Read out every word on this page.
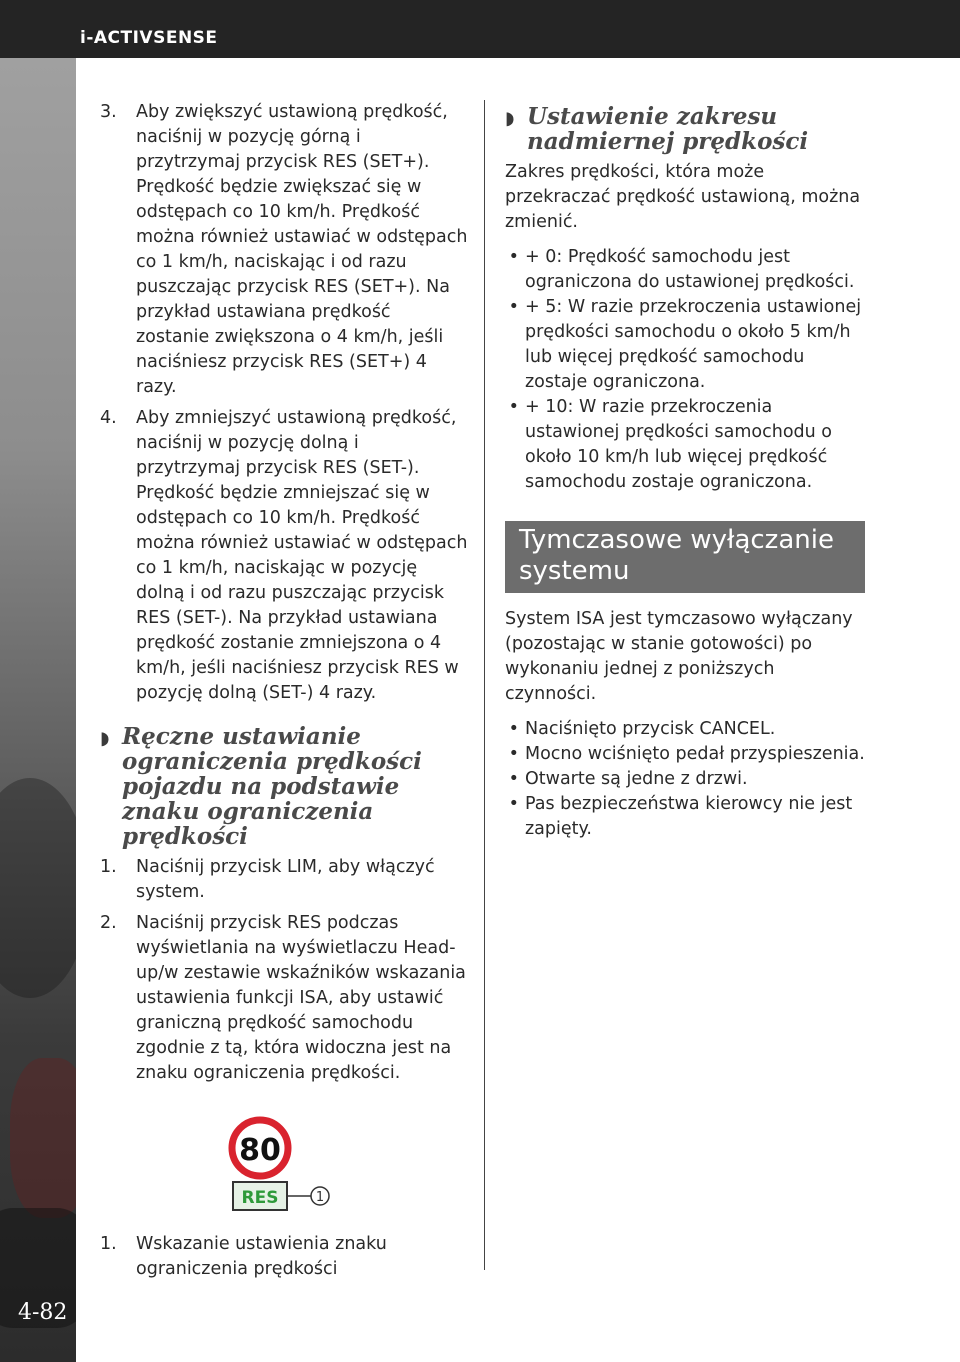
i-ACTIVSENSE
4-82
3.	Aby zwiększyć ustawioną prędkość, naciśnij w pozycję górną i przytrzymaj przycisk RES (SET+). Prędkość będzie zwiększać się w odstępach co 10 km/h. Prędkość można również ustawiać w odstępach co 1 km/h, naciskając i od razu puszczając przycisk RES (SET+). Na przykład ustawiana prędkość zostanie zwiększona o 4 km/h, jeśli naciśniesz przycisk RES (SET+) 4 razy.
4.	Aby zmniejszyć ustawioną prędkość, naciśnij w pozycję dolną i przytrzymaj przycisk RES (SET-). Prędkość będzie zmniejszać się w odstępach co 10 km/h. Prędkość można również ustawiać w odstępach co 1 km/h, naciskając w pozycję dolną i od razu puszczając przycisk RES (SET-). Na przykład ustawiana prędkość zostanie zmniejszona o 4 km/h, jeśli naciśniesz przycisk RES w pozycję dolną (SET-) 4 razy.
◗ Ręczne ustawianie ograniczenia prędkości pojazdu na podstawie znaku ograniczenia prędkości
1.	Naciśnij przycisk LIM, aby włączyć system.
2.	Naciśnij przycisk RES podczas wyświetlania na wyświetlaczu Head-up/w zestawie wskaźników wskazania ustawienia funkcji ISA, aby ustawić graniczną prędkość samochodu zgodnie z tą, która widoczna jest na znaku ograniczenia prędkości.
80
RES	1
1.	Wskazanie ustawienia znaku ograniczenia prędkości
◗ Ustawienie zakresu nadmiernej prędkości

Zakres prędkości, która może przekraczać prędkość ustawioną, można zmienić.

• + 0: Prędkość samochodu jest ograniczona do ustawionej prędkości.
• + 5: W razie przekroczenia ustawionej prędkości samochodu o około 5 km/h lub więcej prędkość samochodu zostaje ograniczona.
• + 10: W razie przekroczenia ustawionej prędkości samochodu o około 10 km/h lub więcej prędkość samochodu zostaje ograniczona.
Tymczasowe wyłączanie systemu

System ISA jest tymczasowo wyłączany (pozostając w stanie gotowości) po wykonaniu jednej z poniższych czynności.

• Naciśnięto przycisk CANCEL.
• Mocno wciśnięto pedał przyspieszenia.
• Otwarte są jedne z drzwi.
• Pas bezpieczeństwa kierowcy nie jest zapięty.
